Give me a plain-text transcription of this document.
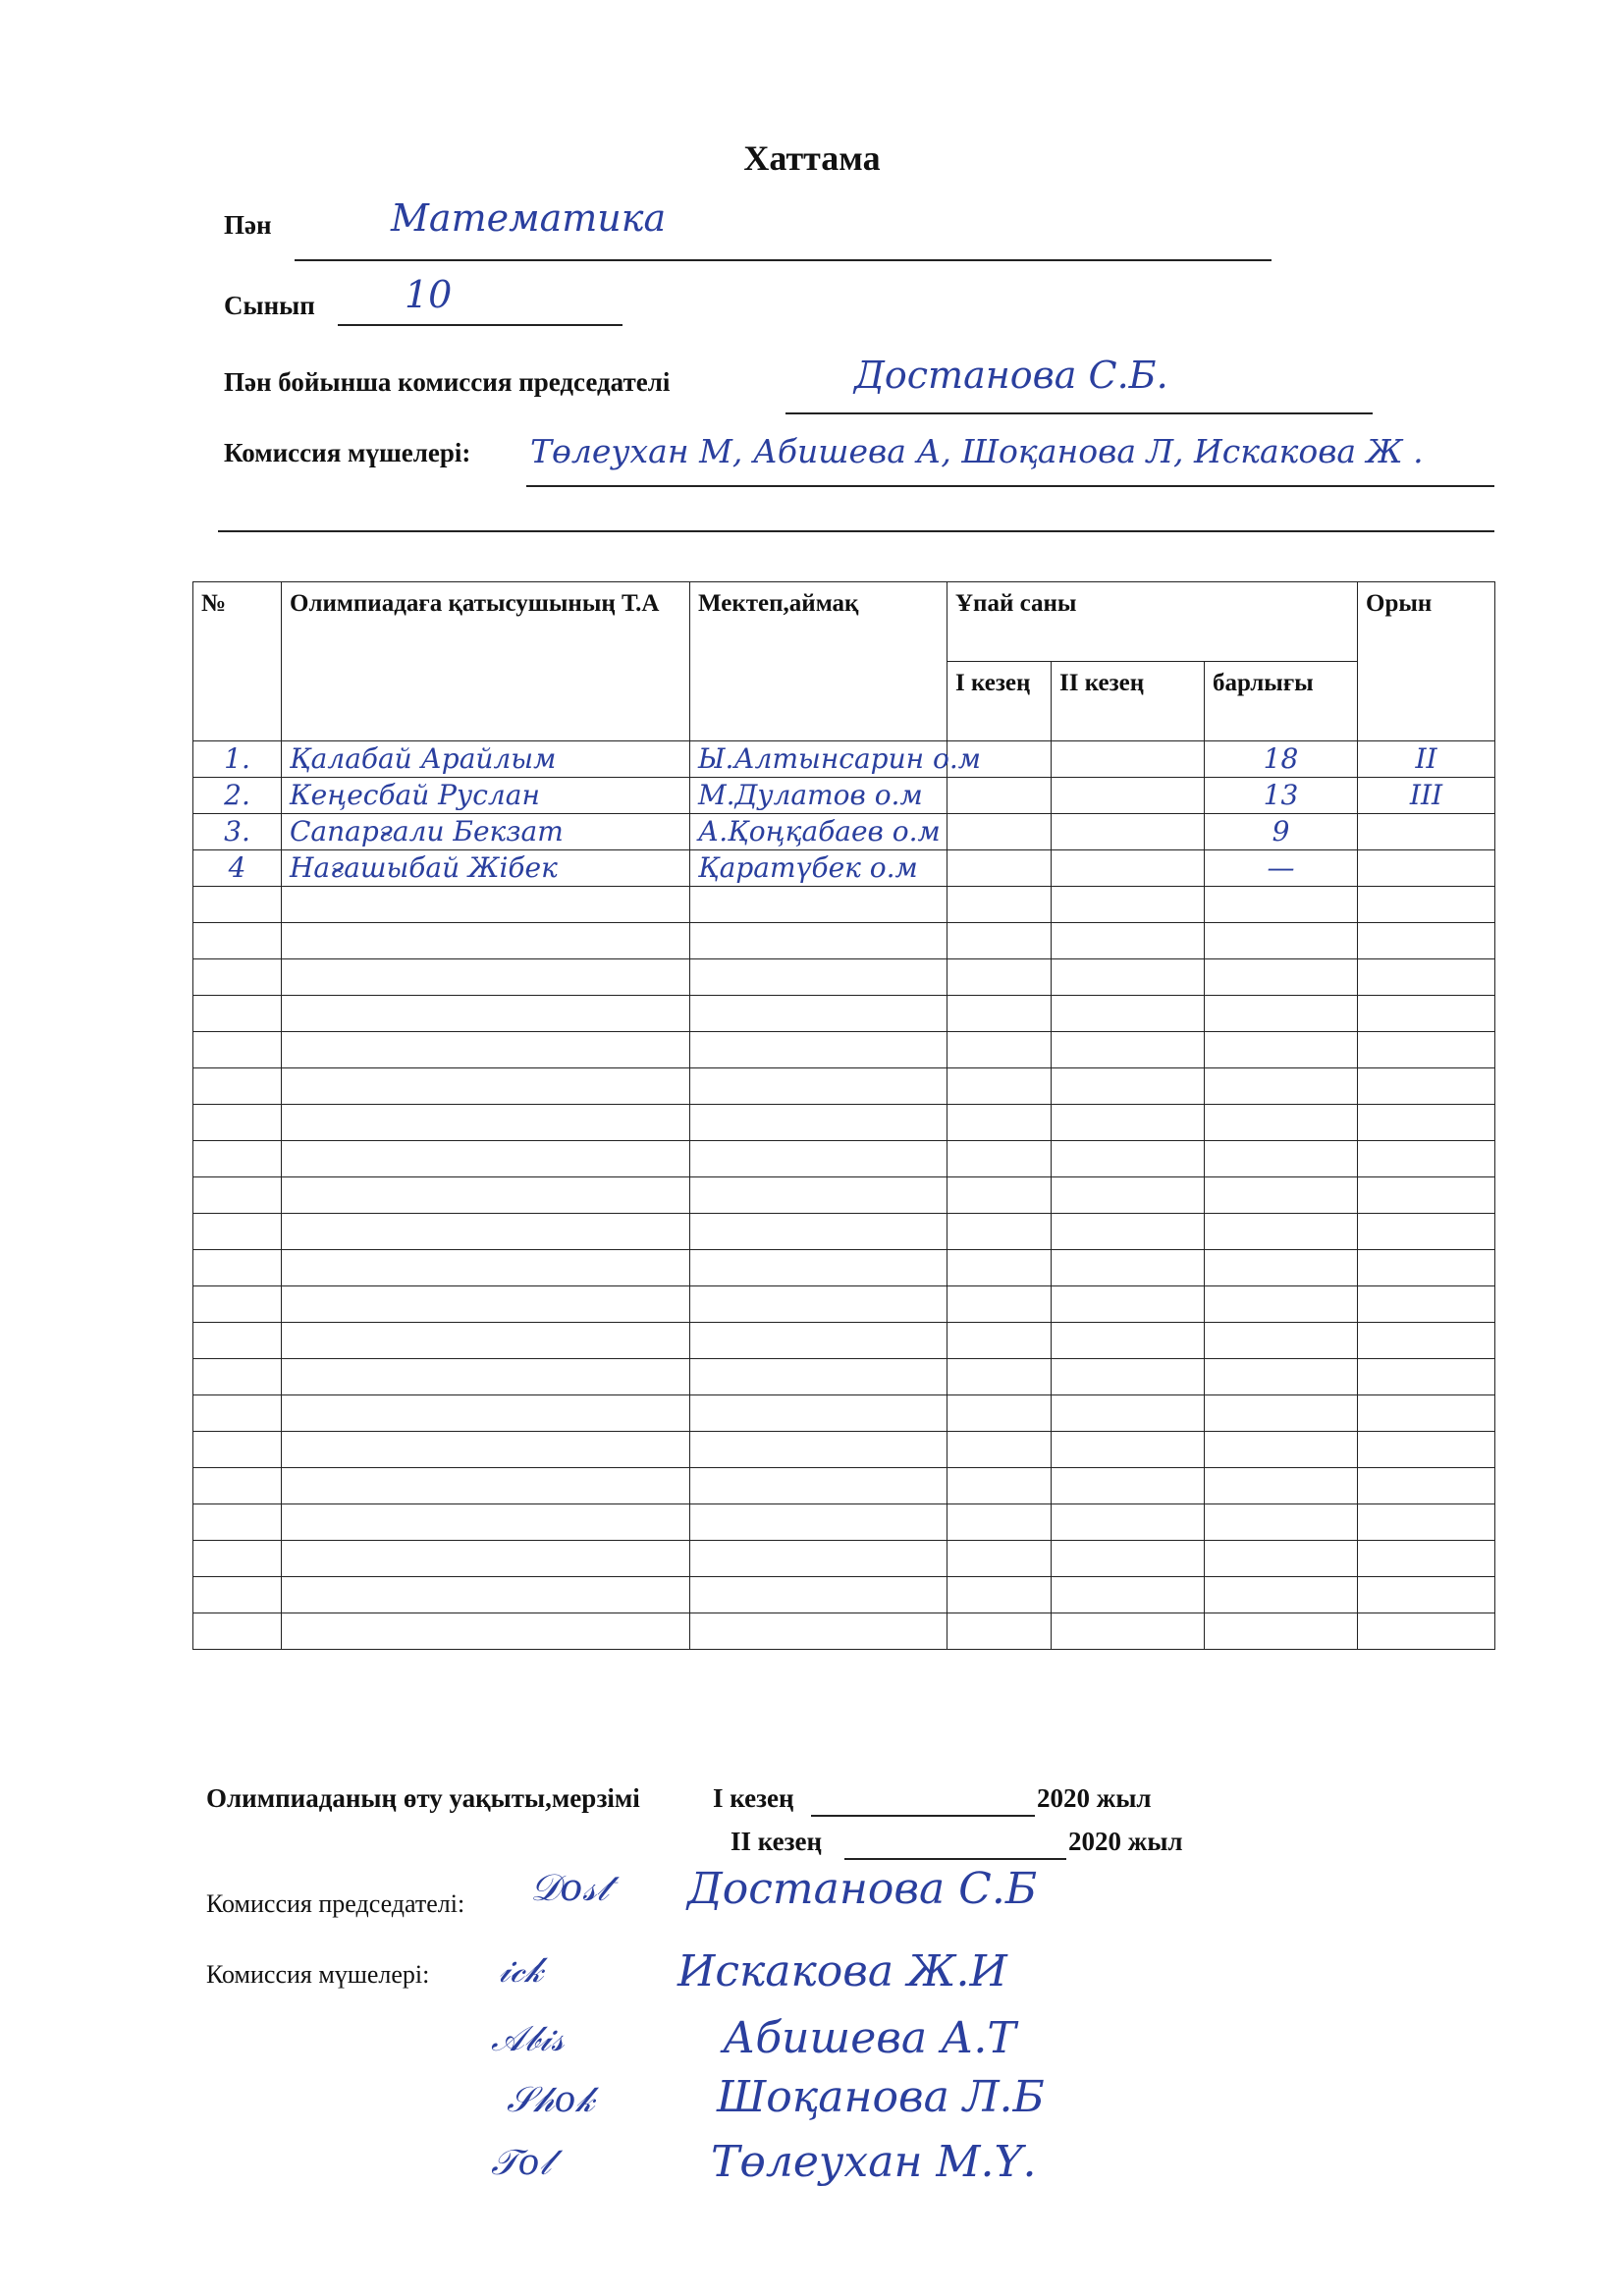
Хаттама
Пән	Математика
Сынып 10
Пән бойынша комиссия председателі	Достанова С.Б.
Комиссия мүшелері: Төлеухан М, Абишева А, Шоқанова Л, Искакова Ж .
№	Олимпиадаға қатысушының Т.А	Мектеп,аймақ	Ұпай саны			Орын
			I кезең	II кезең	барлығы	
1.	Қалабай Арайлым	Ы.Алтынсарин о.м			18	II
2.	Кеңесбай Руслан	М.Дулатов о.м			13	III
3.	Сапарғали Бекзат	А.Қоңқабаев о.м			9	
4	Нағашыбай Жібек	Қаратүбек о.м			—	

Олимпиаданың өту уақыты,мерзімі	I кезең	2020 жыл
II кезең	2020 жыл
Комиссия председателі: 𝒟𝑜𝓈𝓉 Достанова С.Б
Комиссия мүшелері: 𝒾𝒸𝓀	Искакова Ж.И
𝒜𝒷𝒾𝓈	Абишева А.Т
𝒮𝒽𝑜𝓀	Шоқанова Л.Б
𝒯𝑜𝓁	Төлеухан М.Ү.
